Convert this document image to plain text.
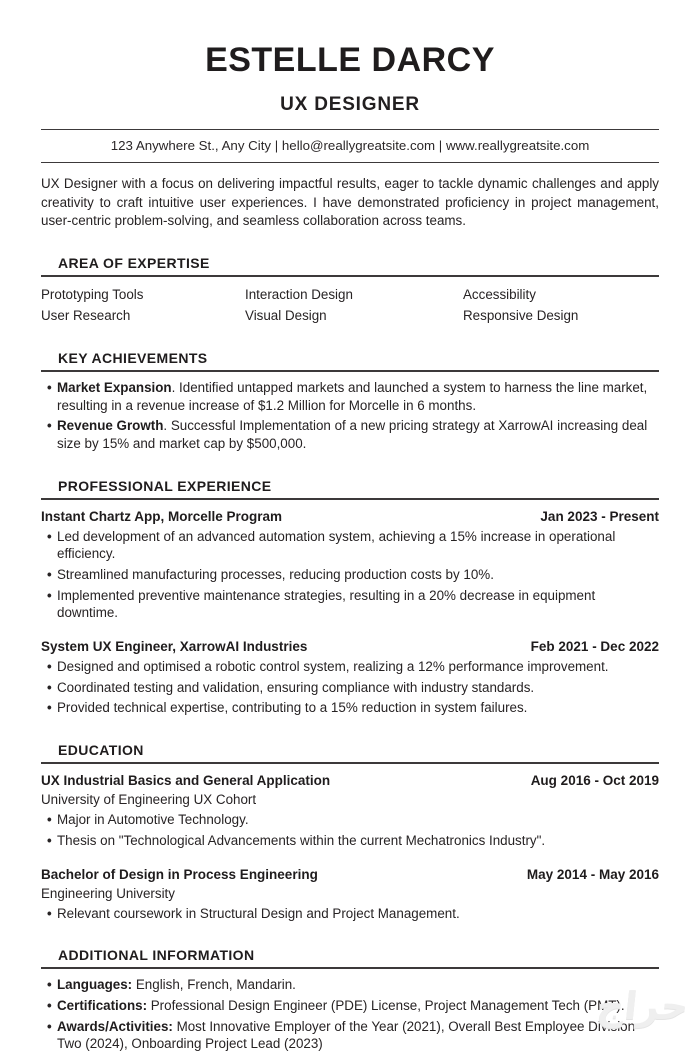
ESTELLE DARCY
UX DESIGNER
123 Anywhere St., Any City | hello@reallygreatsite.com | www.reallygreatsite.com

UX Designer with a focus on delivering impactful results, eager to tackle dynamic challenges and apply creativity to craft intuitive user experiences. I have demonstrated proficiency in project management, user-centric problem-solving, and seamless collaboration across teams.

AREA OF EXPERTISE
Prototyping Tools	Interaction Design	Accessibility
User Research	Visual Design	Responsive Design
KEY ACHIEVEMENTS
• Market Expansion. Identified untapped markets and launched a system to harness the line market, resulting in a revenue increase of $1.2 Million for Morcelle in 6 months.
• Revenue Growth. Successful Implementation of a new pricing strategy at XarrowAI increasing deal size by 15% and market cap by $500,000.
PROFESSIONAL EXPERIENCE
Instant Chartz App, Morcelle Program	Jan 2023 - Present
• Led development of an advanced automation system, achieving a 15% increase in operational efficiency.
• Streamlined manufacturing processes, reducing production costs by 10%.
• Implemented preventive maintenance strategies, resulting in a 20% decrease in equipment downtime.
System UX Engineer, XarrowAI Industries	Feb 2021 - Dec 2022
• Designed and optimised a robotic control system, realizing a 12% performance improvement.
• Coordinated testing and validation, ensuring compliance with industry standards.
• Provided technical expertise, contributing to a 15% reduction in system failures.
EDUCATION
UX Industrial Basics and General Application	Aug 2016 - Oct 2019
University of Engineering UX Cohort
• Major in Automotive Technology.
• Thesis on "Technological Advancements within the current Mechatronics Industry".
Bachelor of Design in Process Engineering	May 2014 - May 2016
Engineering University
• Relevant coursework in Structural Design and Project Management.
ADDITIONAL INFORMATION
• Languages: English, French, Mandarin.
• Certifications: Professional Design Engineer (PDE) License, Project Management Tech (PMT).
• Awards/Activities: Most Innovative Employer of the Year (2021), Overall Best Employee Division Two (2024), Onboarding Project Lead (2023)
حراج
